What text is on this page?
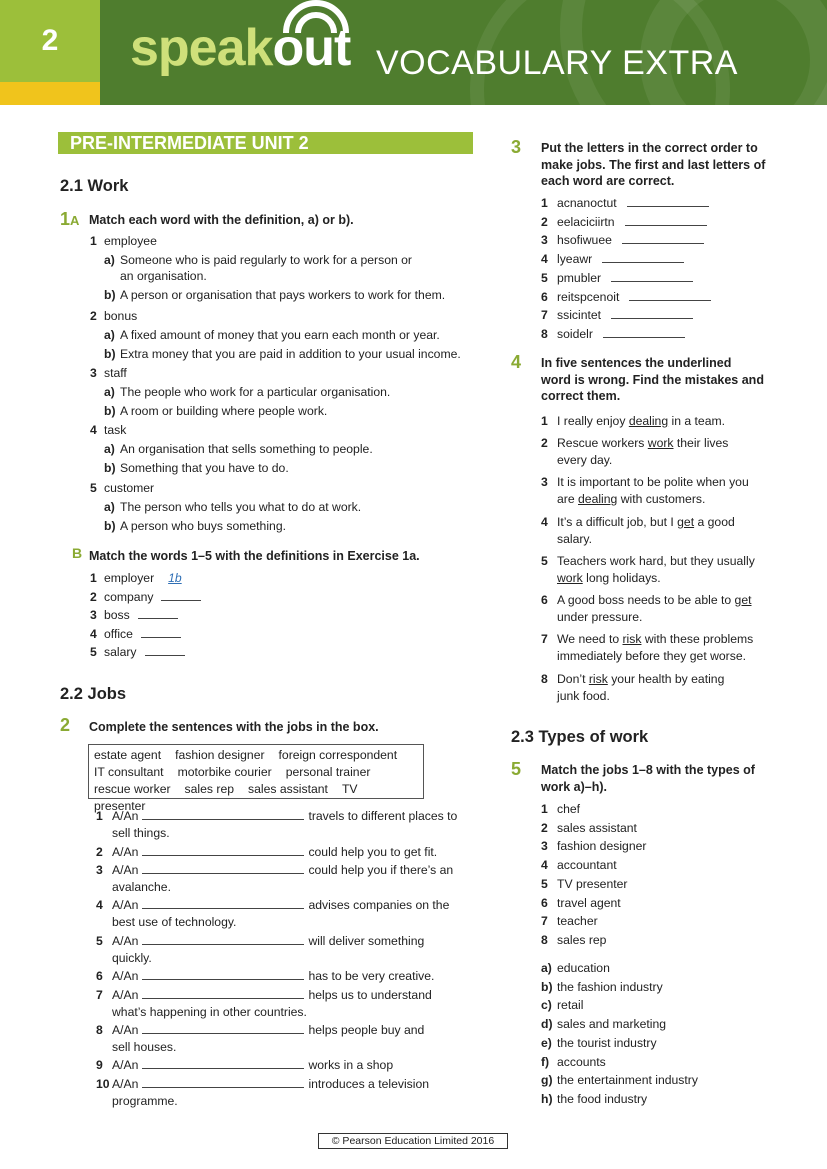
2 speak
out VOCABULARY EXTRA
PRE-INTERMEDIATE UNIT 2
2.1 Work
1A Match each word with the definition, a) or b).
1 employee
a) Someone who is paid regularly to work for a person or
an organisation.
b) A person or organisation that pays workers to work for them.
2 bonus
a) A fixed amount of money that you earn each month or year.
b) Extra money that you are paid in addition to your usual income.
3 staff
a) The people who work for a particular organisation.
b) A room or building where people work.
4 task
a) An organisation that sells something to people.
b) Something that you have to do.
5 customer
a) The person who tells you what to do at work.
b) A person who buys something.
B Match the words 1–5 with the definitions in Exercise 1a.
1 employer 1b
2 company
3 boss
4 office
5 salary
2.2 Jobs
2 Complete the sentences with the jobs in the box.
estate agent fashion designer foreign correspondent
IT consultant motorbike courier personal trainer
rescue worker sales rep sales assistant TV presenter
1 A/An	travels to different places to
sell things.
2 A/An	could help you to get fit.
3 A/An	could help you if there’s an
avalanche.
4 A/An	advises companies on the
best use of technology.
5 A/An	will deliver something
quickly.
6 A/An	has to be very creative.
7 A/An	helps us to understand
what’s happening in other countries.
8 A/An	helps people buy and
sell houses.
9 A/An	works in a shop
10 A/An	introduces a television
programme.
3 Put the letters in the correct order to
make jobs. The first and last letters of
each word are correct.
1 acnanoctut
2 eelaciciirtn
3 hsofiwuee
4 lyeawr
5 pmubler
6 reitspcenoit
7 ssicintet
8 soidelr
4 In five sentences the underlined
word is wrong. Find the mistakes and
correct them.
1 I really enjoy dealing in a team.
2 Rescue workers work their lives
every day.
3 It is important to be polite when you
are dealing with customers.
4 It’s a difficult job, but I get a good
salary.
5 Teachers work hard, but they usually
work long holidays.
6 A good boss needs to be able to get
under pressure.
7 We need to risk with these problems
immediately before they get worse.
8 Don’t risk your health by eating
junk food.
2.3 Types of work
5 Match the jobs 1–8 with the types of
work a)–h).
1 chef
2 sales assistant
3 fashion designer
4 accountant
5 TV presenter
6 travel agent
7 teacher
8 sales rep
a) education
b) the fashion industry
c) retail
d) sales and marketing
e) the tourist industry
f) accounts
g) the entertainment industry
h) the food industry
© Pearson Education Limited 2016
